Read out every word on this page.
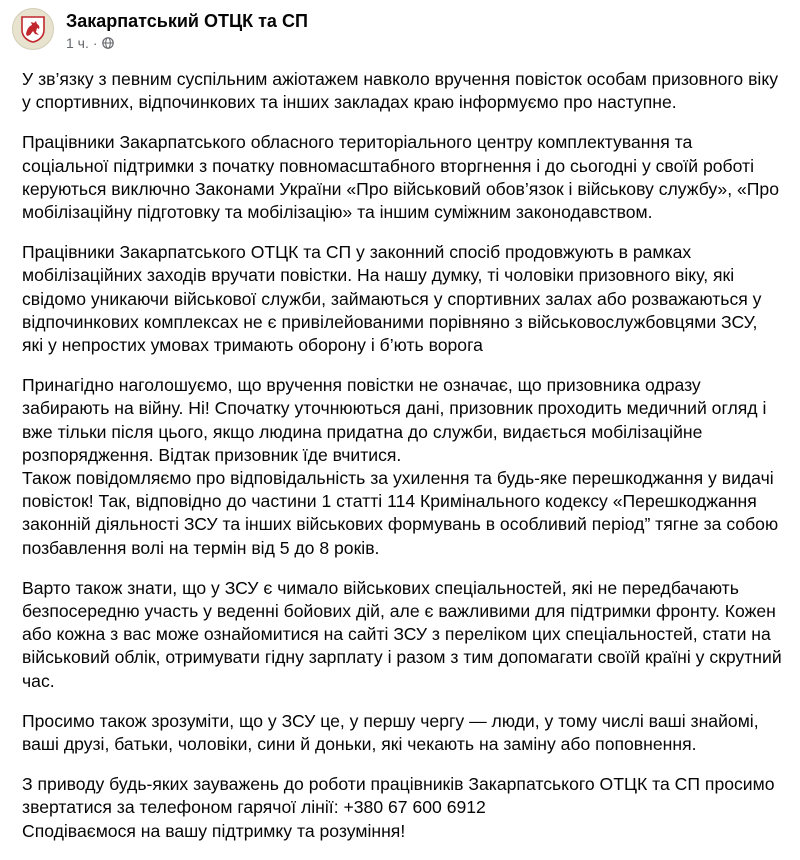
Закарпатський ОТЦК та СП
1 ч. ·

У зв’язку з певним суспільним ажіотажем навколо вручення повісток особам призовного віку у спортивних, відпочинкових та інших закладах краю інформуємо про наступне.

Працівники Закарпатського обласного територіального центру комплектування та соціальної підтримки з початку повномасштабного вторгнення і до сьогодні у своїй роботі керуються виключно Законами України «Про військовий обов’язок і військову службу», «Про мобілізаційну підготовку та мобілізацію» та іншим суміжним законодавством.

Працівники Закарпатського ОТЦК та СП у законний спосіб продовжують в рамках мобілізаційних заходів вручати повістки. На нашу думку, ті чоловіки призовного віку, які свідомо уникаючи військової служби, займаються у спортивних залах або розважаються у відпочинкових комплексах не є привілейованими порівняно з військовослужбовцями ЗСУ, які у непростих умовах тримають оборону і б’ють ворога

Принагідно наголошуємо, що вручення повістки не означає, що призовника одразу забирають на війну. Ні! Спочатку уточнюються дані, призовник проходить медичний огляд і вже тільки після цього, якщо людина придатна до служби, видається мобілізаційне розпорядження. Відтак призовник їде вчитися.
Також повідомляємо про відповідальність за ухилення та будь-яке перешкоджання у видачі повісток! Так, відповідно до частини 1 статті 114 Кримінального кодексу «Перешкоджання законній діяльності ЗСУ та інших військових формувань в особливий період” тягне за собою позбавлення волі на термін від 5 до 8 років.

Варто також знати, що у ЗСУ є чимало військових спеціальностей, які не передбачають безпосередню участь у веденні бойових дій, але є важливими для підтримки фронту. Кожен або кожна з вас може ознайомитися на сайті ЗСУ з переліком цих спеціальностей, стати на військовий облік, отримувати гідну зарплату і разом з тим допомагати своїй країні у скрутний час.

Просимо також зрозуміти, що у ЗСУ це, у першу чергу — люди, у тому числі ваші знайомі, ваші друзі, батьки, чоловіки, сини й доньки, які чекають на заміну або поповнення.

З приводу будь-яких зауважень до роботи працівників Закарпатського ОТЦК та СП просимо звертатися за телефоном гарячої лінії: +380 67 600 6912
Сподіваємося на вашу підтримку та розуміння!
